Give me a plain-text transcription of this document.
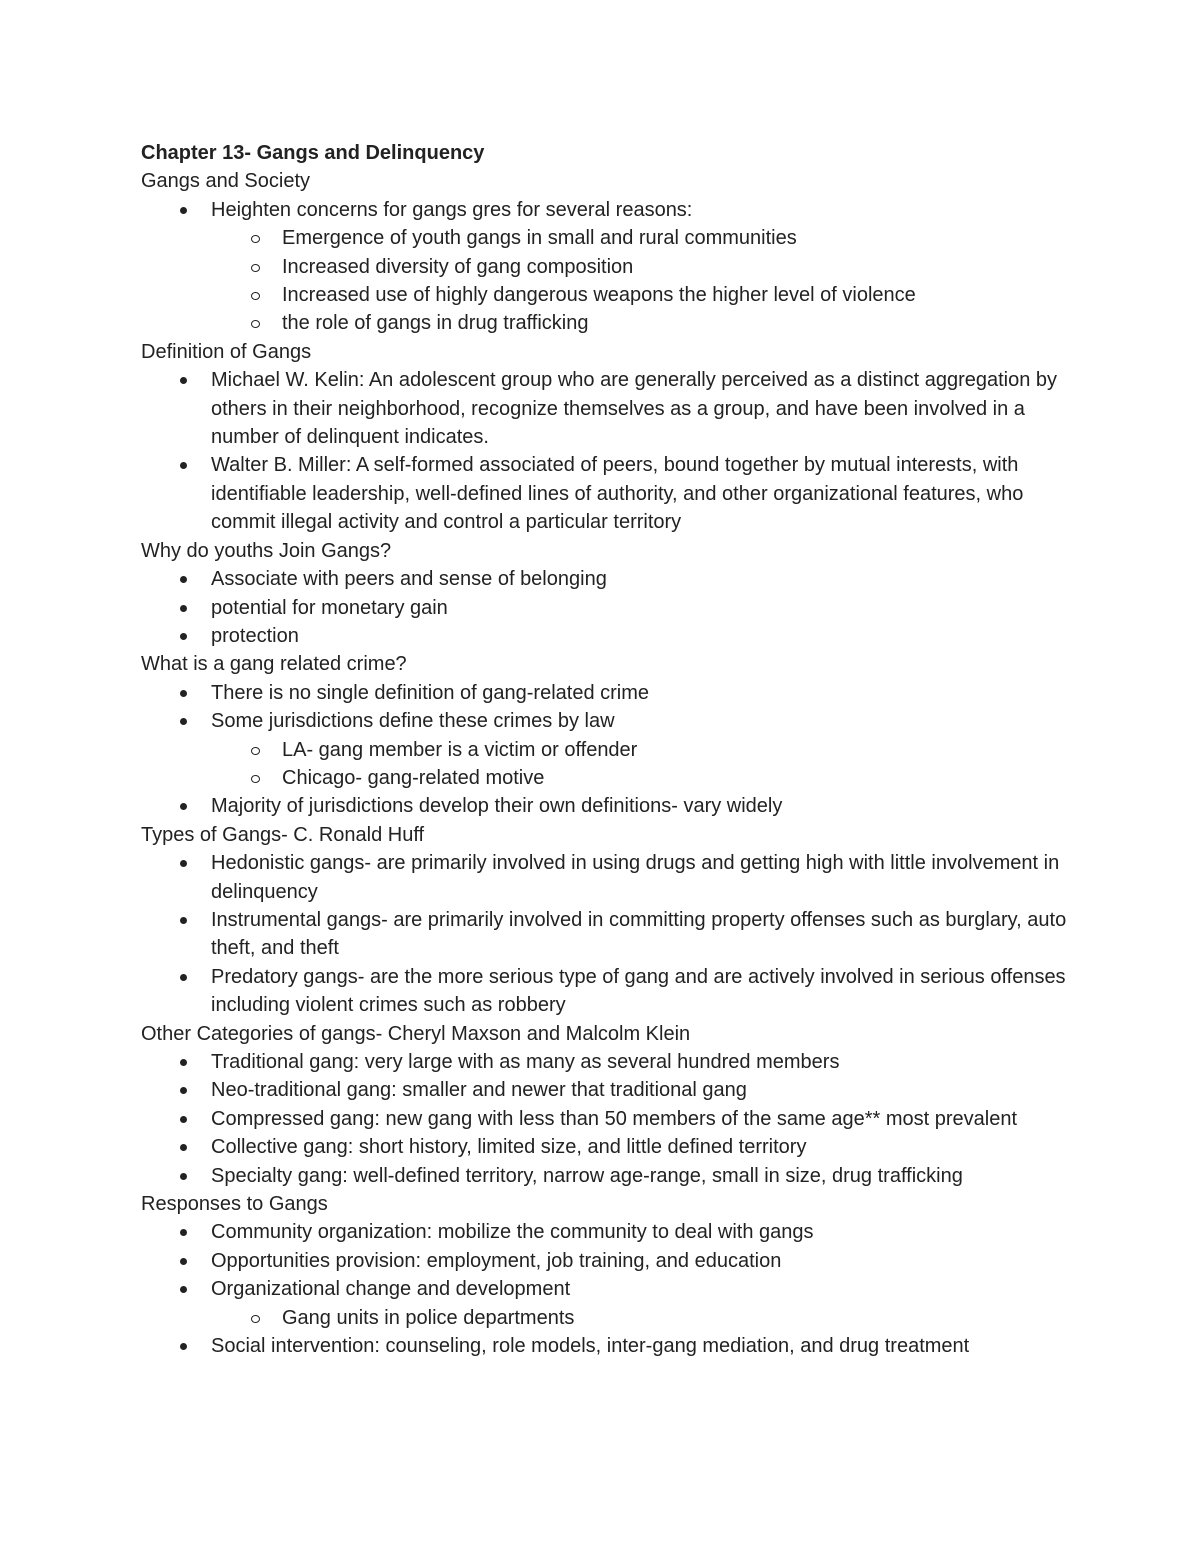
Chapter 13- Gangs and Delinquency

Gangs and Society

Heighten concerns for gangs gres for several reasons:
Emergence of youth gangs in small and rural communities
Increased diversity of gang composition
Increased use of highly dangerous weapons the higher level of violence
the role of gangs in drug trafficking

Definition of Gangs

Michael W. Kelin: An adolescent group who are generally perceived as a distinct aggregation by others in their neighborhood, recognize themselves as a group, and have been involved in a number of delinquent indicates.
Walter B. Miller: A self-formed associated of peers, bound together by mutual interests, with identifiable leadership, well-defined lines of authority, and other organizational features, who commit illegal activity and control a particular territory

Why do youths Join Gangs?

Associate with peers and sense of belonging
potential for monetary gain
protection

What is a gang related crime?

There is no single definition of gang-related crime
Some jurisdictions define these crimes by law
LA- gang member is a victim or offender
Chicago- gang-related motive
Majority of jurisdictions develop their own definitions- vary widely

Types of Gangs- C. Ronald Huff

Hedonistic gangs- are primarily involved in using drugs and getting high with little involvement in delinquency
Instrumental gangs- are primarily involved in committing property offenses such as burglary, auto theft, and theft
Predatory gangs- are the more serious type of gang and are actively involved in serious offenses including violent crimes such as robbery

Other Categories of gangs- Cheryl Maxson and Malcolm Klein

Traditional gang: very large with as many as several hundred members
Neo-traditional gang: smaller and newer that traditional gang
Compressed gang: new gang with less than 50 members of the same age** most prevalent
Collective gang: short history, limited size, and little defined territory
Specialty gang: well-defined territory, narrow age-range, small in size, drug trafficking

Responses to Gangs

Community organization: mobilize the community to deal with gangs
Opportunities provision: employment, job training, and education
Organizational change and development
Gang units in police departments
Social intervention: counseling, role models, inter-gang mediation, and drug treatment
